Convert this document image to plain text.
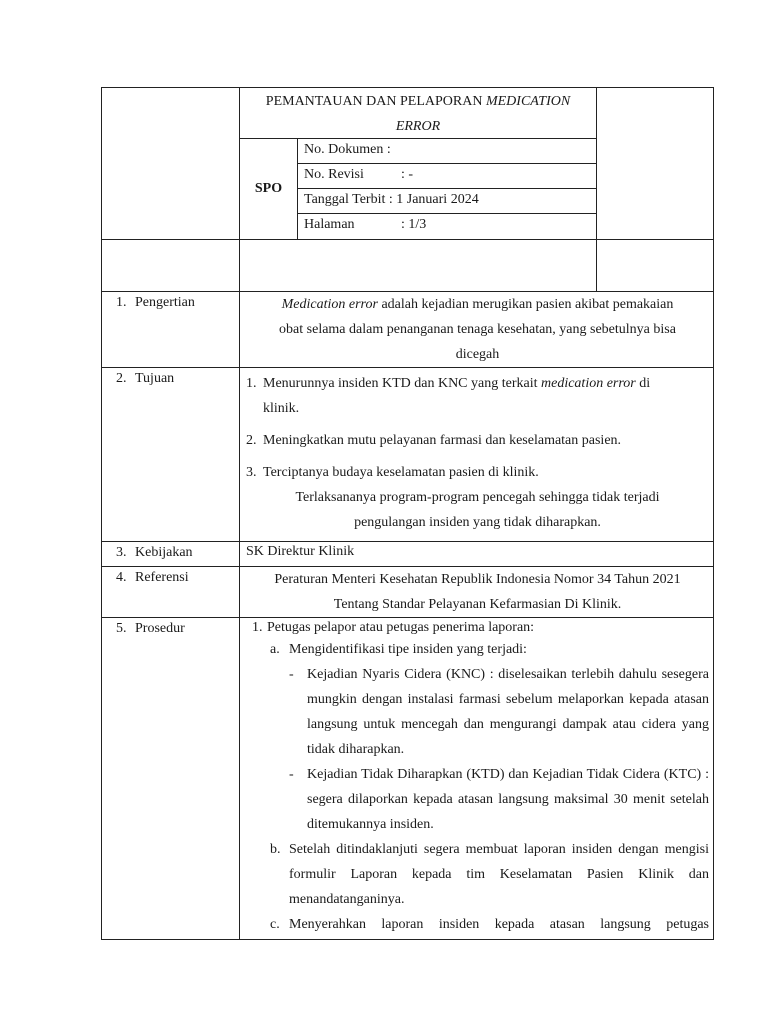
PEMANTAUAN DAN PELAPORAN MEDICATION
ERROR
SPO
No. Dokumen :
No. Revisi	: -
Tanggal Terbit : 1 Januari 2024
Halaman	: 1/3
1. Pengertian	Medication error adalah kejadian merugikan pasien akibat pemakaian
obat selama dalam penanganan tenaga kesehatan, yang sebetulnya bisa
dicegah
2. Tujuan	1. Menurunnya insiden KTD dan KNC yang terkait medication error di
klinik.
2. Meningkatkan mutu pelayanan farmasi dan keselamatan pasien.
3. Terciptanya budaya keselamatan pasien di klinik.
Terlaksananya program-program pencegah sehingga tidak terjadi
pengulangan insiden yang tidak diharapkan.
3. Kebijakan	SK Direktur Klinik
4. Referensi	Peraturan Menteri Kesehatan Republik Indonesia Nomor 34 Tahun 2021
Tentang Standar Pelayanan Kefarmasian Di Klinik.
5. Prosedur	1. Petugas pelapor atau petugas penerima laporan:
a. Mengidentifikasi tipe insiden yang terjadi:
- Kejadian Nyaris Cidera (KNC) : diselesaikan terlebih dahulu sesegera mungkin dengan instalasi farmasi sebelum melaporkan kepada atasan langsung untuk mencegah dan mengurangi dampak atau cidera yang tidak diharapkan.
- Kejadian Tidak Diharapkan (KTD) dan Kejadian Tidak Cidera (KTC) : segera dilaporkan kepada atasan langsung maksimal 30 menit setelah ditemukannya insiden.
b. Setelah ditindaklanjuti segera membuat laporan insiden dengan mengisi formulir Laporan kepada tim Keselamatan Pasien Klinik dan menandatanganinya.
c. Menyerahkan laporan insiden kepada atasan langsung petugas
